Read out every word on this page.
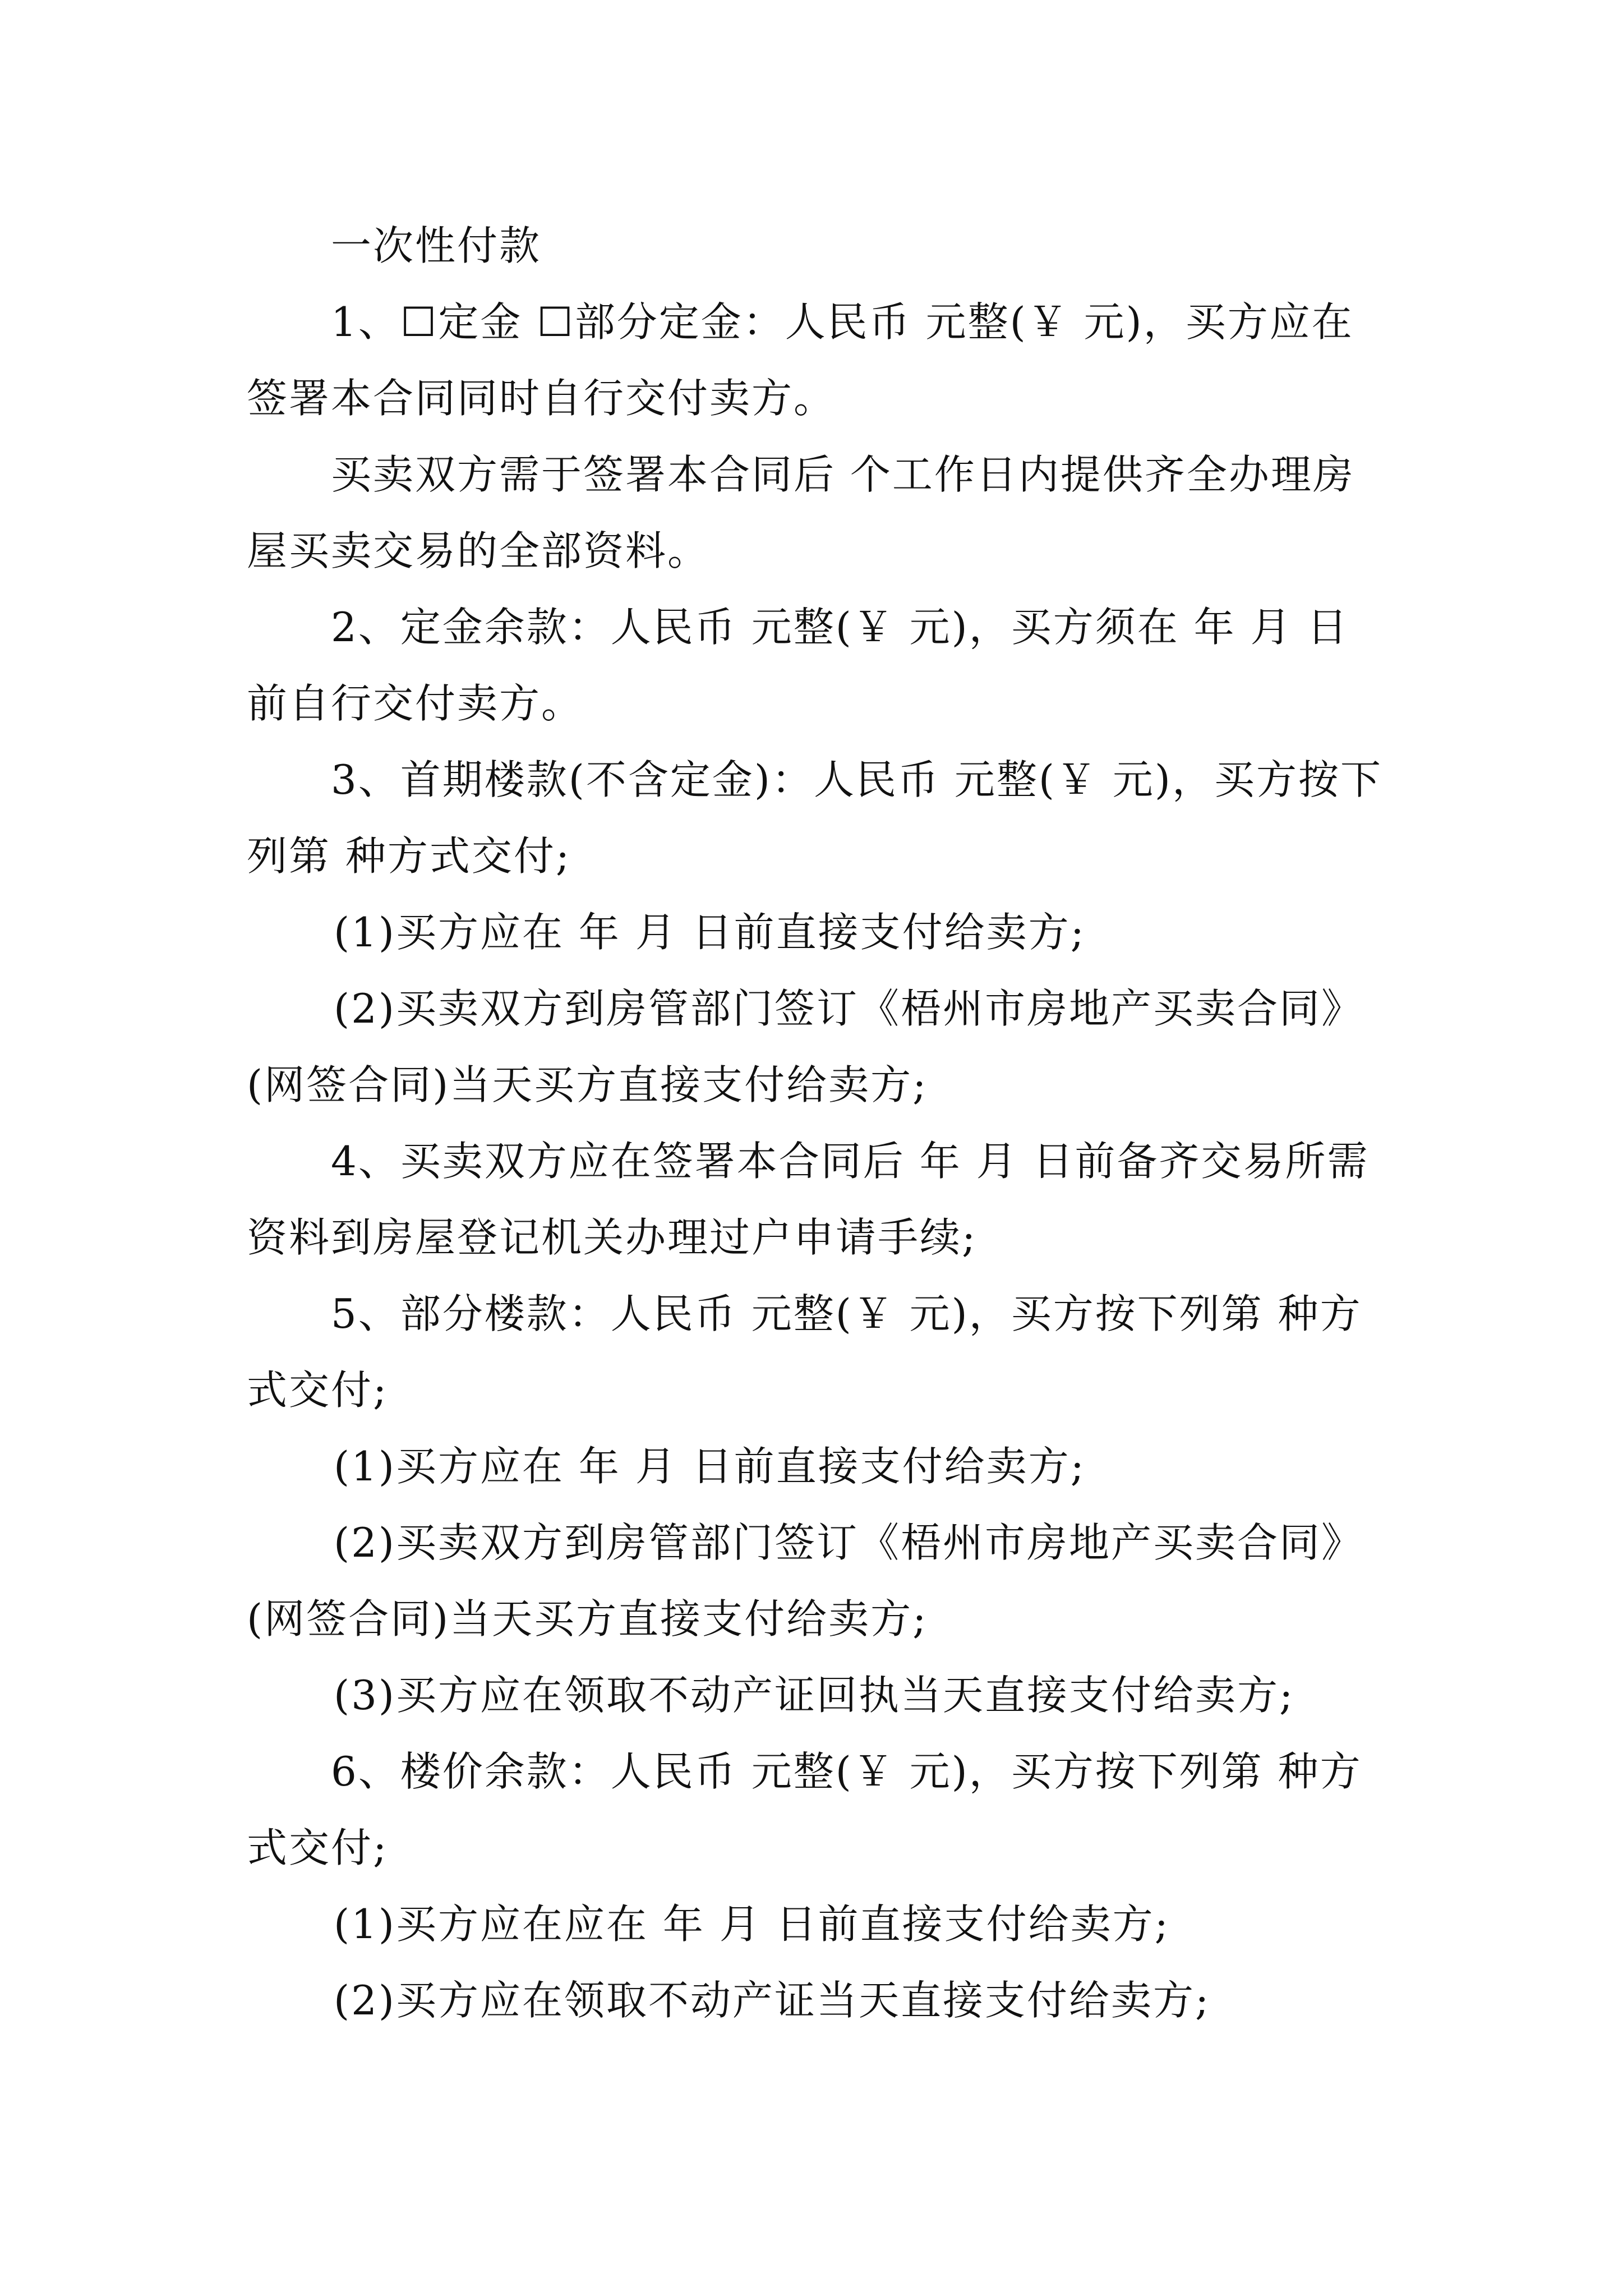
一次性付款

1、☐定金 ☐部分定金：人民币 元整(￥ 元)，买方应在签署本合同同时自行交付卖方。

买卖双方需于签署本合同后 个工作日内提供齐全办理房屋买卖交易的全部资料。

2、定金余款：人民币 元整(￥ 元)，买方须在 年 月 日前自行交付卖方。

3、首期楼款(不含定金)：人民币 元整(￥ 元)，买方按下列第 种方式交付;

(1)买方应在 年 月 日前直接支付给卖方;

(2)买卖双方到房管部门签订《梧州市房地产买卖合同》(网签合同)当天买方直接支付给卖方;

4、买卖双方应在签署本合同后 年 月 日前备齐交易所需资料到房屋登记机关办理过户申请手续;

5、部分楼款：人民币 元整(￥ 元)，买方按下列第 种方式交付;

(1)买方应在 年 月 日前直接支付给卖方;

(2)买卖双方到房管部门签订《梧州市房地产买卖合同》(网签合同)当天买方直接支付给卖方;

(3)买方应在领取不动产证回执当天直接支付给卖方;

6、楼价余款：人民币 元整(￥ 元)，买方按下列第 种方式交付;

(1)买方应在应在 年 月 日前直接支付给卖方;

(2)买方应在领取不动产证当天直接支付给卖方;
